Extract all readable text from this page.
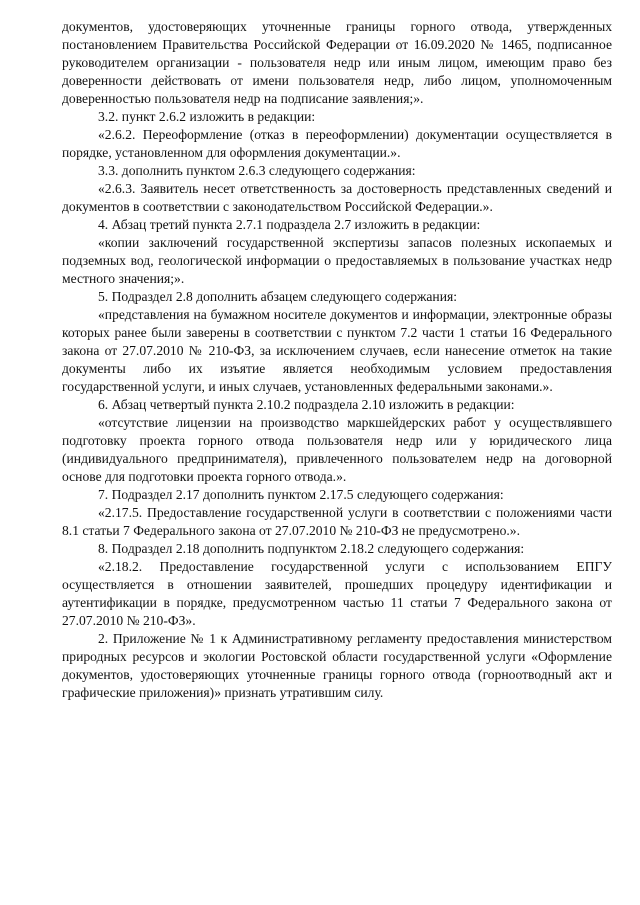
документов, удостоверяющих уточненные границы горного отвода, утвержденных постановлением Правительства Российской Федерации от 16.09.2020 № 1465, подписанное руководителем организации - пользователя недр или иным лицом, имеющим право без доверенности действовать от имени пользователя недр, либо лицом, уполномоченным доверенностью пользователя недр на подписание заявления;».

3.2. пункт 2.6.2 изложить в редакции:

«2.6.2. Переоформление (отказ в переоформлении) документации осуществляется в порядке, установленном для оформления документации.».

3.3. дополнить пунктом 2.6.3 следующего содержания:

«2.6.3. Заявитель несет ответственность за достоверность представленных сведений и документов в соответствии с законодательством Российской Федерации.».

4. Абзац третий пункта 2.7.1 подраздела 2.7 изложить в редакции:

«копии заключений государственной экспертизы запасов полезных ископаемых и подземных вод, геологической информации о предоставляемых в пользование участках недр местного значения;».

5. Подраздел 2.8 дополнить абзацем следующего содержания:

«представления на бумажном носителе документов и информации, электронные образы которых ранее были заверены в соответствии с пунктом 7.2 части 1 статьи 16 Федерального закона от 27.07.2010 № 210-ФЗ, за исключением случаев, если нанесение отметок на такие документы либо их изъятие является необходимым условием предоставления государственной услуги, и иных случаев, установленных федеральными законами.».

6. Абзац четвертый пункта 2.10.2 подраздела 2.10 изложить в редакции:

«отсутствие лицензии на производство маркшейдерских работ у осуществлявшего подготовку проекта горного отвода пользователя недр или у юридического лица (индивидуального предпринимателя), привлеченного пользователем недр на договорной основе для подготовки проекта горного отвода.».

7. Подраздел 2.17 дополнить пунктом 2.17.5 следующего содержания:

«2.17.5. Предоставление государственной услуги в соответствии с положениями части 8.1 статьи 7 Федерального закона от 27.07.2010 № 210-ФЗ не предусмотрено.».

8. Подраздел 2.18 дополнить подпунктом 2.18.2 следующего содержания:

«2.18.2. Предоставление государственной услуги с использованием ЕПГУ осуществляется в отношении заявителей, прошедших процедуру идентификации и аутентификации в порядке, предусмотренном частью 11 статьи 7 Федерального закона от 27.07.2010 № 210-ФЗ».

2. Приложение № 1 к Административному регламенту предоставления министерством природных ресурсов и экологии Ростовской области государственной услуги «Оформление документов, удостоверяющих уточненные границы горного отвода (горноотводный акт и графические приложения)» признать утратившим силу.
